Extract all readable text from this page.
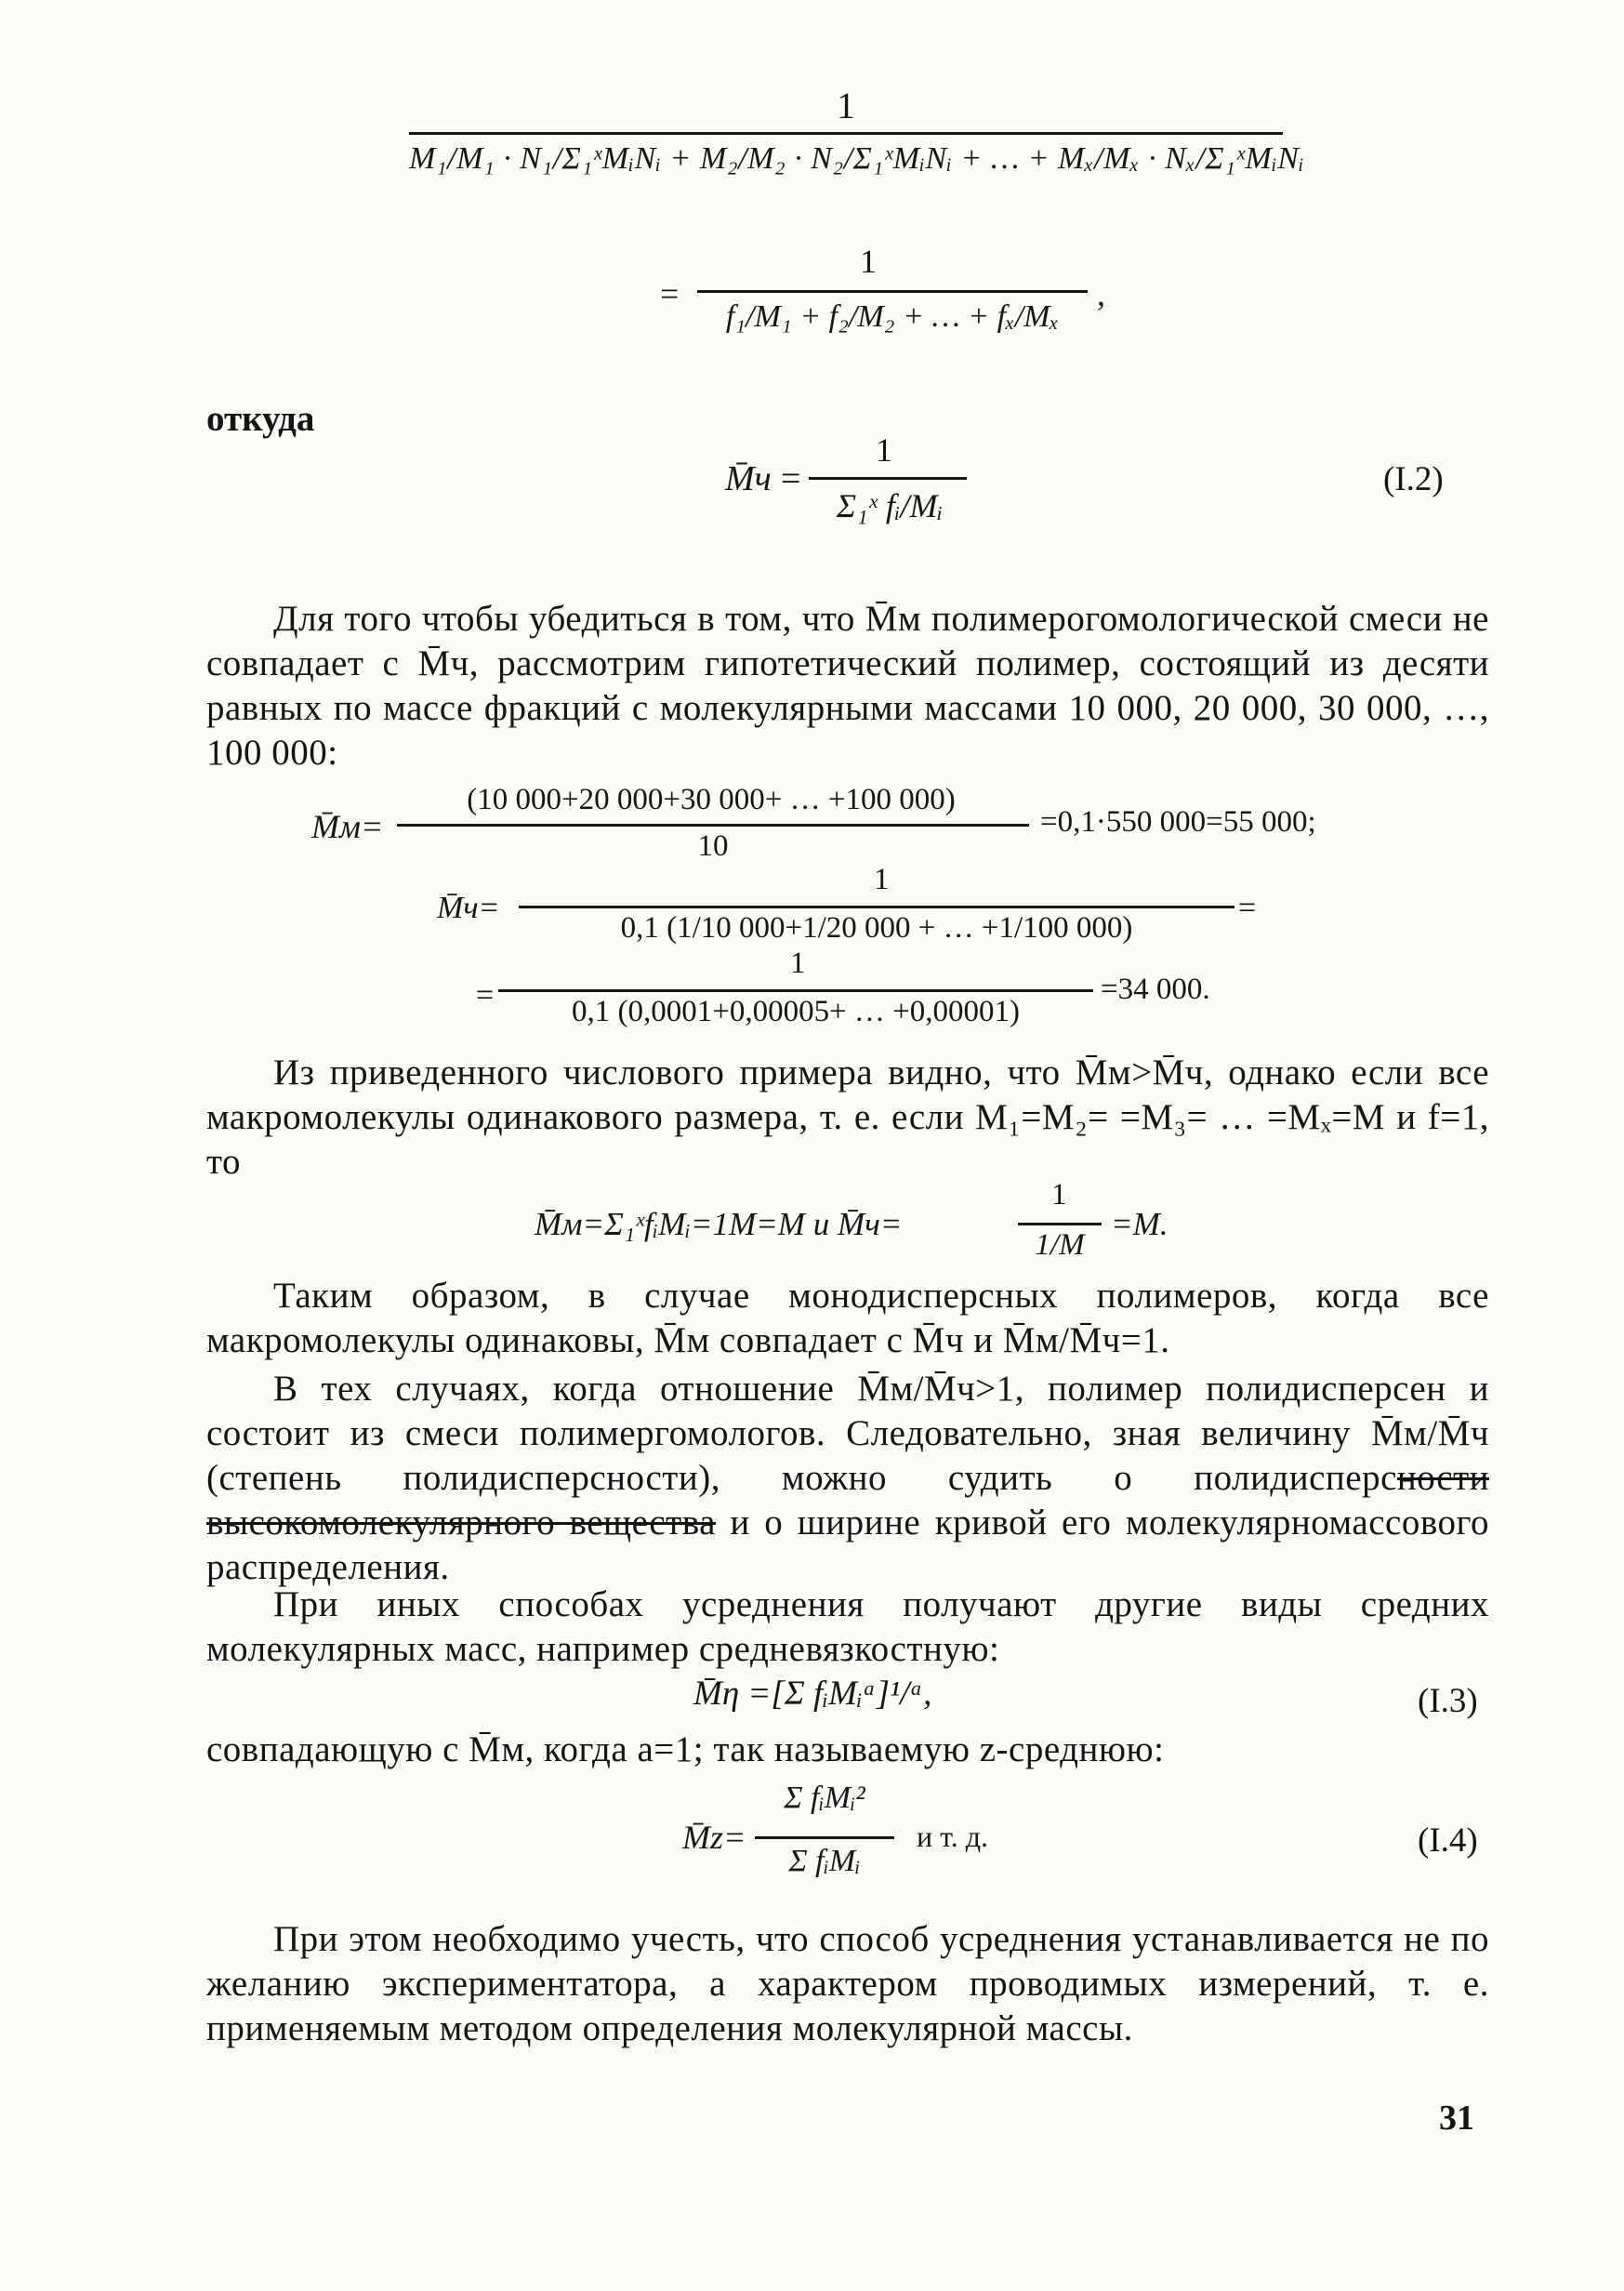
1
M₁/M₁ · N₁/Σ₁ˣMᵢNᵢ + M₂/M₂ · N₂/Σ₁ˣMᵢNᵢ + … + Mₓ/Mₓ · Nₓ/Σ₁ˣMᵢNᵢ
=
1
f₁/M₁ + f₂/M₂ + … + fₓ/Mₓ
,
откуда
M̄ч =
1
Σ₁ˣ fᵢ/Mᵢ
(I.2)
Для того чтобы убедиться в том, что M̄м полимерогомологической смеси не совпадает с M̄ч, рассмотрим гипотетический полимер, состоящий из десяти равных по массе фракций с молекулярными массами 10 000, 20 000, 30 000, …, 100 000:
M̄м=
(10 000+20 000+30 000+ … +100 000)
10
=0,1·550 000=55 000;
M̄ч=
1
0,1 (1/10 000+1/20 000 + … +1/100 000)
=
=
1
0,1 (0,0001+0,00005+ … +0,00001)
=34 000.
Из приведенного числового примера видно, что M̄м>M̄ч, однако если все макромолекулы одинакового размера, т. е. если M₁=M₂= =M₃= … =Mₓ=M и f=1, то
M̄м=Σ₁ˣfᵢMᵢ=1M=M и M̄ч=
1
1/M
=M.
Таким образом, в случае монодисперсных полимеров, когда все макромолекулы одинаковы, M̄м совпадает с M̄ч и M̄м/M̄ч=1.
В тех случаях, когда отношение M̄м/M̄ч>1, полимер полидисперсен и состоит из смеси полимергомологов. Следовательно, зная величину M̄м/M̄ч (степень полидисперсности), можно судить о полидисперсности высокомолекулярного вещества и о ширине кривой его молекулярномассового распределения.
При иных способах усреднения получают другие виды средних молекулярных масс, например средневязкостную:
M̄η =[Σ fᵢMᵢᵃ]¹/ᵃ,	(I.3)
совпадающую с M̄м, когда a=1; так называемую z-среднюю:
M̄z=
Σ fᵢMᵢ²
Σ fᵢMᵢ
и т. д.	(I.4)
При этом необходимо учесть, что способ усреднения устанавливается не по желанию экспериментатора, а характером проводимых измерений, т. е. применяемым методом определения молекулярной массы.
31
